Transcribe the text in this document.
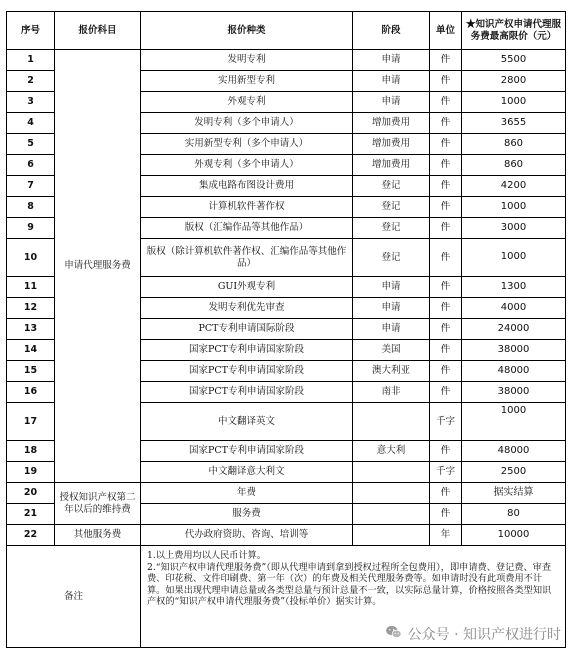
序号	报价科目	报价种类	阶段	单位	★知识产权申请代理服务费最高限价（元）
1	申请代理服务费	发明专利	申请	件	5500
2		实用新型专利	申请	件	2800
3		外观专利	申请	件	1000
4		发明专利（多个申请人）	增加费用	件	3655
5		实用新型专利（多个申请人）	增加费用	件	860
6		外观专利（多个申请人）	增加费用	件	860
7		集成电路布图设计费用	登记	件	4200
8		计算机软件著作权	登记	件	1000
9		版权（汇编作品等其他作品）	登记	件	3000
10		版权（除计算机软件著作权、汇编作品等其他作品）	登记	件	1000
11		GUI外观专利	申请	件	1300
12		发明专利优先审查	申请	件	4000
13		PCT专利申请国际阶段	申请	件	24000
14		国家PCT专利申请国家阶段	美国	件	38000
15		国家PCT专利申请国家阶段	澳大利亚	件	48000
16		国家PCT专利申请国家阶段	南非	件	38000
17		中文翻译英文		千字	1000
18		国家PCT专利申请国家阶段	意大利	件	48000
19		中文翻译意大利文		千字	2500
20	授权知识产权第二年以后的维持费	年费		件	据实结算
21		服务费		件	80
22	其他服务费	代办政府资助、咨询、培训等		年	10000
备注		1.以上费用均以人民币计算。
2.“知识产权申请代理服务费”（即从代理申请到拿到授权过程所全包费用），即申请费、登记费、审查费、印花税、文件印刷费、第一年（次）的年费及相关代理服务费等。如申请时没有此项费用不计算。如果出现代理申请总量或各类型总量与预计总量不一致，以实际总量计算，价格按照各类型知识产权的“知识产权申请代理服务费”（投标单价）据实计算。			
公众号 · 知识产权进行时
